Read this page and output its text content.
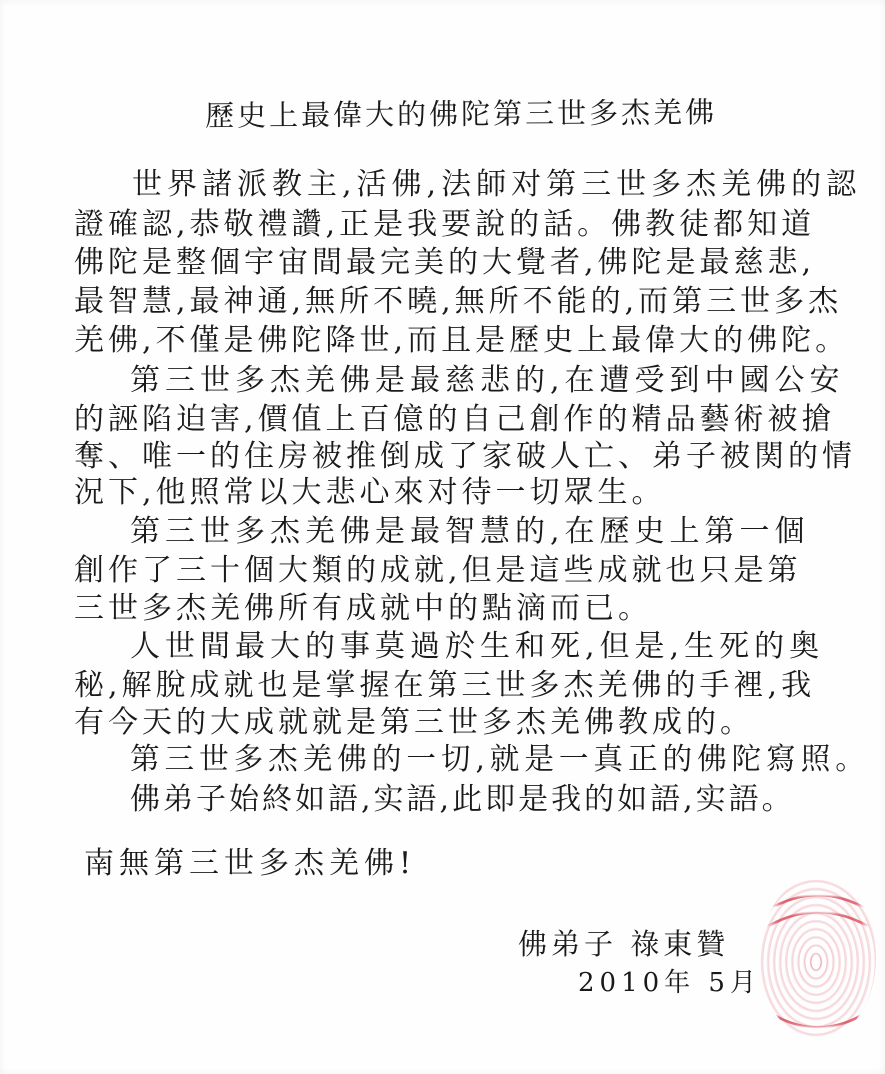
歷史上最偉大的佛陀第三世多杰羌佛
世界諸派教主,活佛,法師对第三世多杰羌佛的認
證確認,恭敬禮讚,正是我要說的話。佛教徒都知道
佛陀是整個宇宙間最完美的大覺者,佛陀是最慈悲,
最智慧,最神通,無所不曉,無所不能的,而第三世多杰
羌佛,不僅是佛陀降世,而且是歷史上最偉大的佛陀。
第三世多杰羌佛是最慈悲的,在遭受到中國公安
的誣陷迫害,價值上百億的自己創作的精品藝術被搶
奪、唯一的住房被推倒成了家破人亡、弟子被関的情
況下,他照常以大悲心來对待一切眾生。
第三世多杰羌佛是最智慧的,在歷史上第一個
創作了三十個大類的成就,但是這些成就也只是第
三世多杰羌佛所有成就中的點滴而已。
人世間最大的事莫過於生和死,但是,生死的奥
秘,解脫成就也是掌握在第三世多杰羌佛的手裡,我
有今天的大成就就是第三世多杰羌佛教成的。
第三世多杰羌佛的一切,就是一真正的佛陀寫照。
佛弟子始終如語,实語,此即是我的如語,实語。
南無第三世多杰羌佛!
佛弟子 祿東贊
2010年 5月
